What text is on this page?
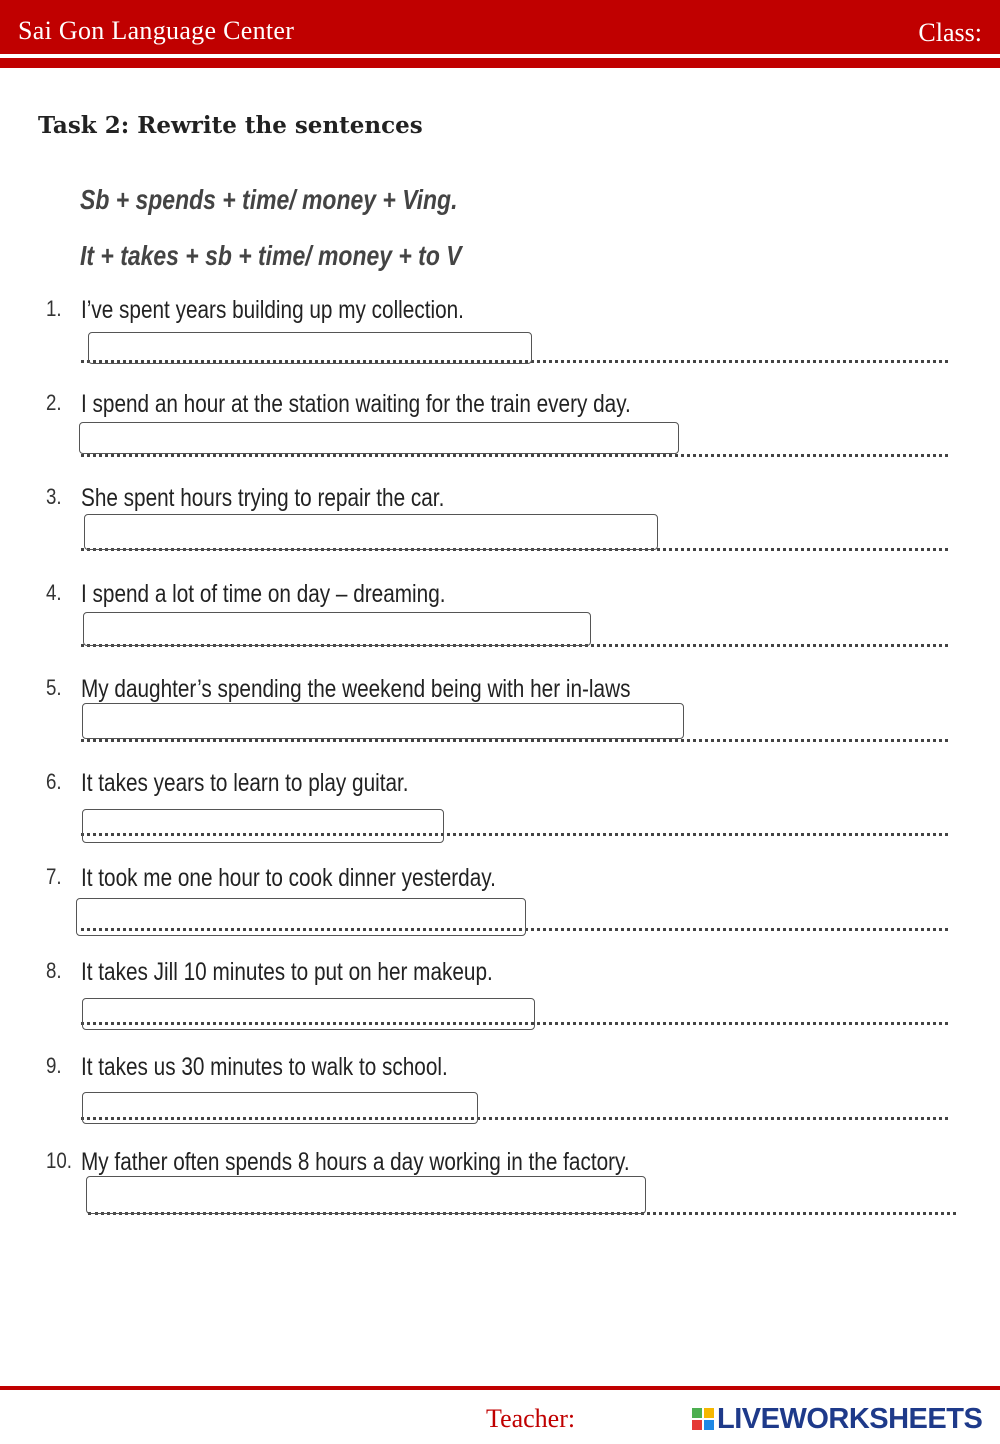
Sai Gon Language Center	Class:
Task 2: Rewrite the sentences
Sb + spends + time/ money + Ving.
It + takes + sb + time/ money + to V
1. I’ve spent years building up my collection.
2. I spend an hour at the station waiting for the train every day.
3. She spent hours trying to repair the car.
4. I spend a lot of time on day – dreaming.
5. My daughter’s spending the weekend being with her in-laws
6. It takes years to learn to play guitar.
7. It took me one hour to cook dinner yesterday.
8. It takes Jill 10 minutes to put on her makeup.
9. It takes us 30 minutes to walk to school.
10. My father often spends 8 hours a day working in the factory.
Teacher:	LIVEWORKSHEETS
